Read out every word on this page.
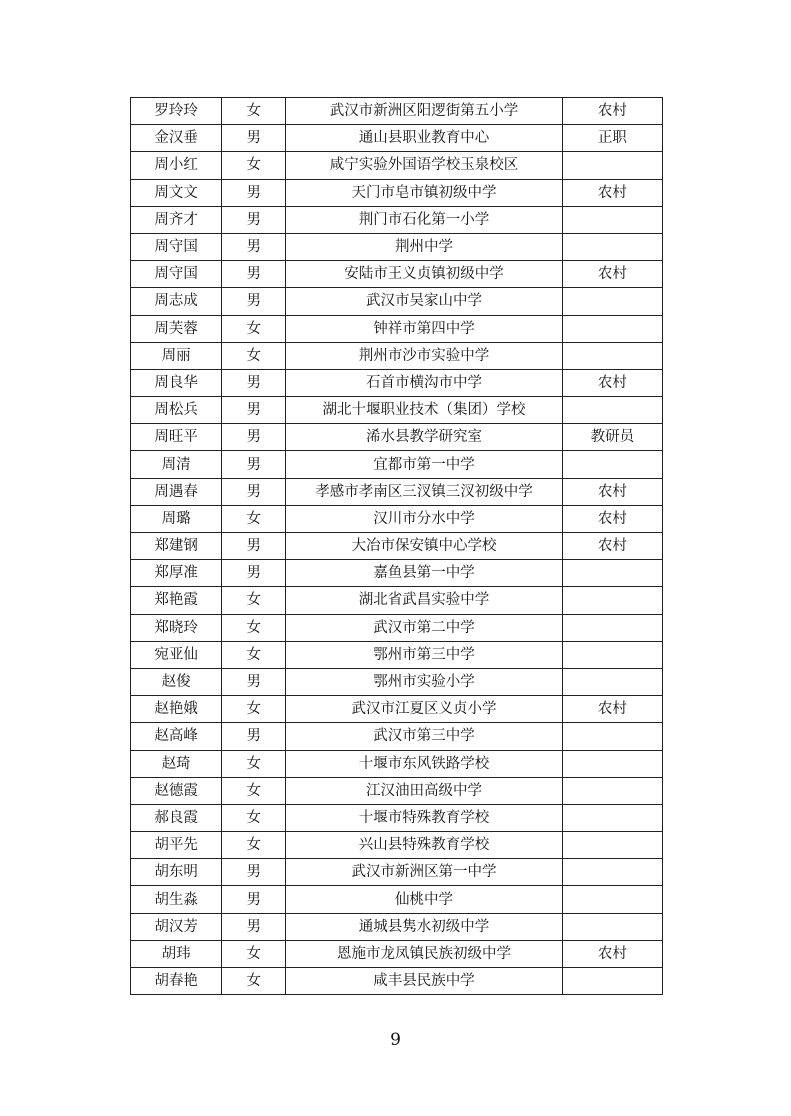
罗玲玲	女	武汉市新洲区阳逻街第五小学	农村
金汉垂	男	通山县职业教育中心	正职
周小红	女	咸宁实验外国语学校玉泉校区	
周文文	男	天门市皂市镇初级中学	农村
周齐才	男	荆门市石化第一小学	
周守国	男	荆州中学	
周守国	男	安陆市王义贞镇初级中学	农村
周志成	男	武汉市吴家山中学	
周芙蓉	女	钟祥市第四中学	
周丽	女	荆州市沙市实验中学	
周良华	男	石首市横沟市中学	农村
周松兵	男	湖北十堰职业技术（集团）学校	
周旺平	男	浠水县教学研究室	教研员
周清	男	宜都市第一中学	
周遇春	男	孝感市孝南区三汊镇三汊初级中学	农村
周璐	女	汉川市分水中学	农村
郑建钢	男	大冶市保安镇中心学校	农村
郑厚准	男	嘉鱼县第一中学	
郑艳霞	女	湖北省武昌实验中学	
郑晓玲	女	武汉市第二中学	
宛亚仙	女	鄂州市第三中学	
赵俊	男	鄂州市实验小学	
赵艳娥	女	武汉市江夏区义贞小学	农村
赵高峰	男	武汉市第三中学	
赵琦	女	十堰市东风铁路学校	
赵德霞	女	江汉油田高级中学	
郝良霞	女	十堰市特殊教育学校	
胡平先	女	兴山县特殊教育学校	
胡东明	男	武汉市新洲区第一中学	
胡生淼	男	仙桃中学	
胡汉芳	男	通城县隽水初级中学	
胡玮	女	恩施市龙凤镇民族初级中学	农村
胡春艳	女	咸丰县民族中学	
9
